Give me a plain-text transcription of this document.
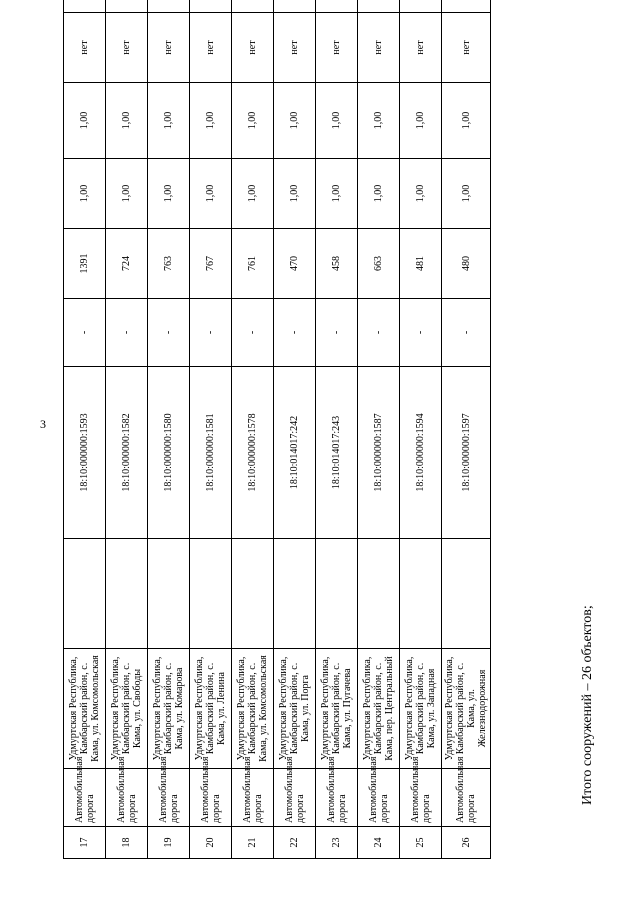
3
17	Автомобильная дорога	Удмуртская Республика, Камбарский район, с. Кама, ул. Комсомольская		18:10:000000:1593	-	1391	1,00	1,00	нет	
18	Автомобильная дорога	Удмуртская Республика, Камбарский район, с. Кама, ул. Свободы		18:10:000000:1582	-	724	1,00	1,00	нет	
19	Автомобильная дорога	Удмуртская Республика, Камбарский район, с. Кама, ул. Комарова		18:10:000000:1580	-	763	1,00	1,00	нет	
20	Автомобильная дорога	Удмуртская Республика, Камбарский район, с. Кама, ул. Ленина		18:10:000000:1581	-	767	1,00	1,00	нет	
21	Автомобильная дорога	Удмуртская Республика, Камбарский район, с. Кама, ул. Комсомольская		18:10:000000:1578	-	761	1,00	1,00	нет	
22	Автомобильная дорога	Удмуртская Республика, Камбарский район, с. Кама, ул. Порга		18:10:014017:242	-	470	1,00	1,00	нет	
23	Автомобильная дорога	Удмуртская Республика, Камбарский район, с. Кама, ул. Пугачева		18:10:014017:243	-	458	1,00	1,00	нет	
24	Автомобильная дорога	Удмуртская Республика, Камбарский район, с. Кама, пер. Центральный		18:10:000000:1587	-	663	1,00	1,00	нет	
25	Автомобильная дорога	Удмуртская Республика, Камбарский район, с. Кама, ул. Западная		18:10:000000:1594	-	481	1,00	1,00	нет	
26	Автомобильная дорога	Удмуртская Республика, Камбарский район, с. Кама, ул. Железнодорожная		18:10:000000:1597	-	480	1,00	1,00	нет	
Итого сооружений – 26 объектов;
